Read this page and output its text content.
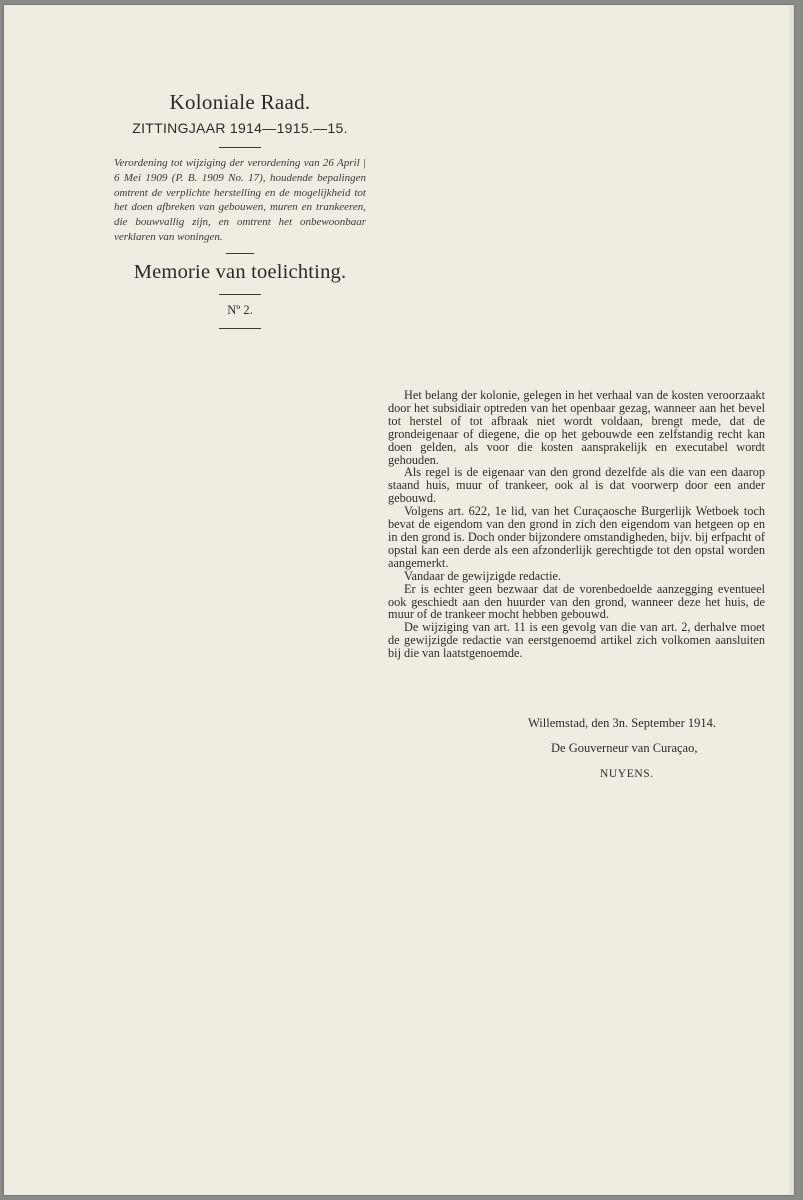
Koloniale Raad.
ZITTINGJAAR 1914—1915.—15.

Verordening tot wijziging der verordening van 26 April | 6 Mei 1909 (P. B. 1909 No. 17), houdende bepalingen omtrent de verplichte herstelling en de mogelijkheid tot het doen afbreken van gebouwen, muren en trankeeren, die bouwvallig zijn, en omtrent het onbewoonbaar verklaren van woningen.

Memorie van toelichting.
Nº 2.

Het belang der kolonie, gelegen in het verhaal van de kosten veroorzaakt door het subsidiair optreden van het openbaar gezag, wanneer aan het bevel tot herstel of tot afbraak niet wordt voldaan, brengt mede, dat de grondeigenaar of diegene, die op het gebouwde een zelfstandig recht kan doen gelden, als voor die kosten aansprakelijk en executabel wordt gehouden.

Als regel is de eigenaar van den grond dezelfde als die van een daarop staand huis, muur of trankeer, ook al is dat voorwerp door een ander gebouwd.

Volgens art. 622, 1e lid, van het Curaçaosche Burgerlijk Wetboek toch bevat de eigendom van den grond in zich den eigendom van hetgeen op en in den grond is. Doch onder bijzondere omstandigheden, bijv. bij erfpacht of opstal kan een derde als een afzonderlijk gerechtigde tot den opstal worden aangemerkt.

Vandaar de gewijzigde redactie.

Er is echter geen bezwaar dat de vorenbedoelde aanzegging eventueel ook geschiedt aan den huurder van den grond, wanneer deze het huis, de muur of de trankeer mocht hebben gebouwd.

De wijziging van art. 11 is een gevolg van die van art. 2, derhalve moet de gewijzigde redactie van eerstgenoemd artikel zich volkomen aansluiten bij die van laatstgenoemde.

Willemstad, den 3n. September 1914.
De Gouverneur van Curaçao,
NUYENS.
